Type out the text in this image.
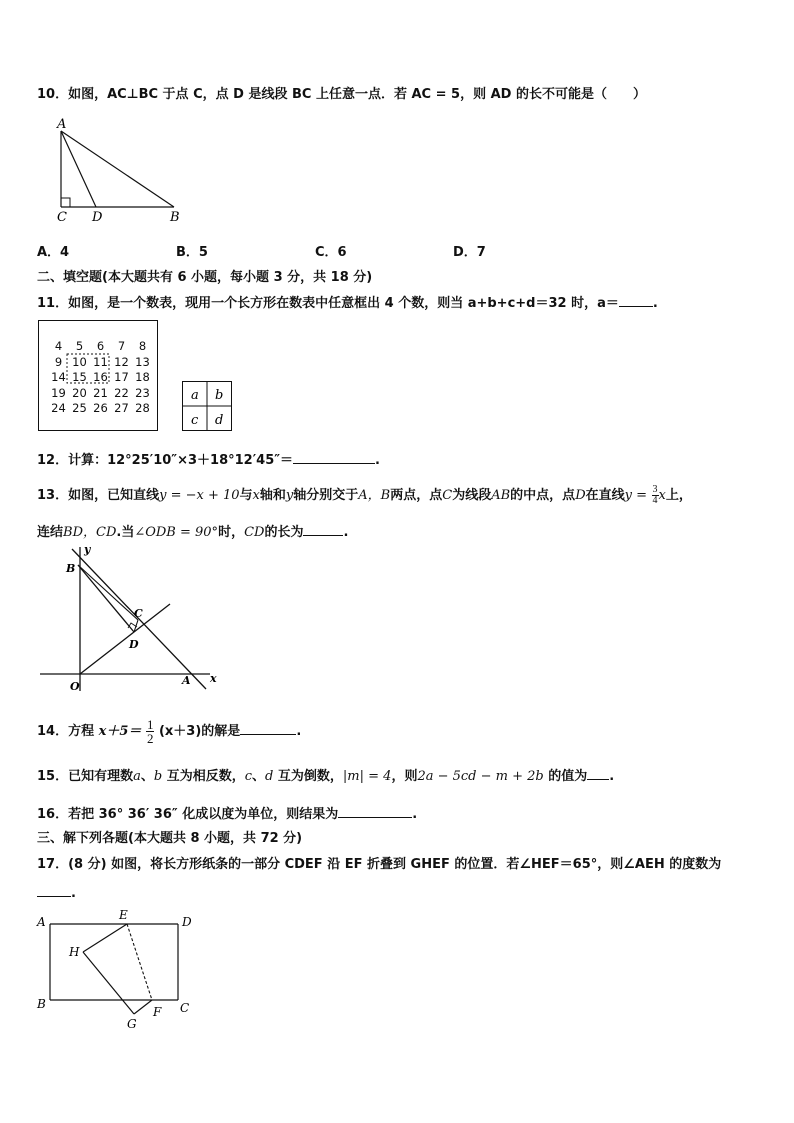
10．如图，AC⊥BC 于点 C，点 D 是线段 BC 上任意一点．若 AC = 5，则 AD 的长不可能是（　　）
A
C D	B
A．4	B．5	C．6	D．7
二、填空题(本大题共有 6 小题，每小题 3 分，共 18 分)
11．如图，是一个数表，现用一个长方形在数表中任意框出 4 个数，则当 a+b+c+d＝32 时，a＝	.
4 5 6 7 8
9 10 11 12 13
14 15 16 17 18
19 20 21 22 23
24 25 26 27 28
a b
c d
12．计算：12°25′10″×3＋18°12′45″＝	.
13．如图，已知直线y = −x + 10与x轴和y轴分别交于A，B两点，点C为线段AB的中点，点D在直线$y = \frac{3}{4}$ x上，
连结BD，CD.当∠ODB = 90°时，CD的长为	.
y
B
C
D
O	A x
14．方程 $x+5= \frac{1}{2} (x+3)$的解是	.
15．已知有理数a、b 互为相反数，c、d 互为倒数，|m| = 4，则2a − 5cd − m + 2b 的值为 .
16．若把 36° 36′ 36″ 化成以度为单位，则结果为	.
三、解下列各题(本大题共 8 小题，共 72 分)
17．(8 分) 如图，将长方形纸条的一部分 CDEF 沿 EF 折叠到 GHEF 的位置．若∠HEF＝65°，则∠AEH 的度数为
.
A	E	D
H
B
G
F C
